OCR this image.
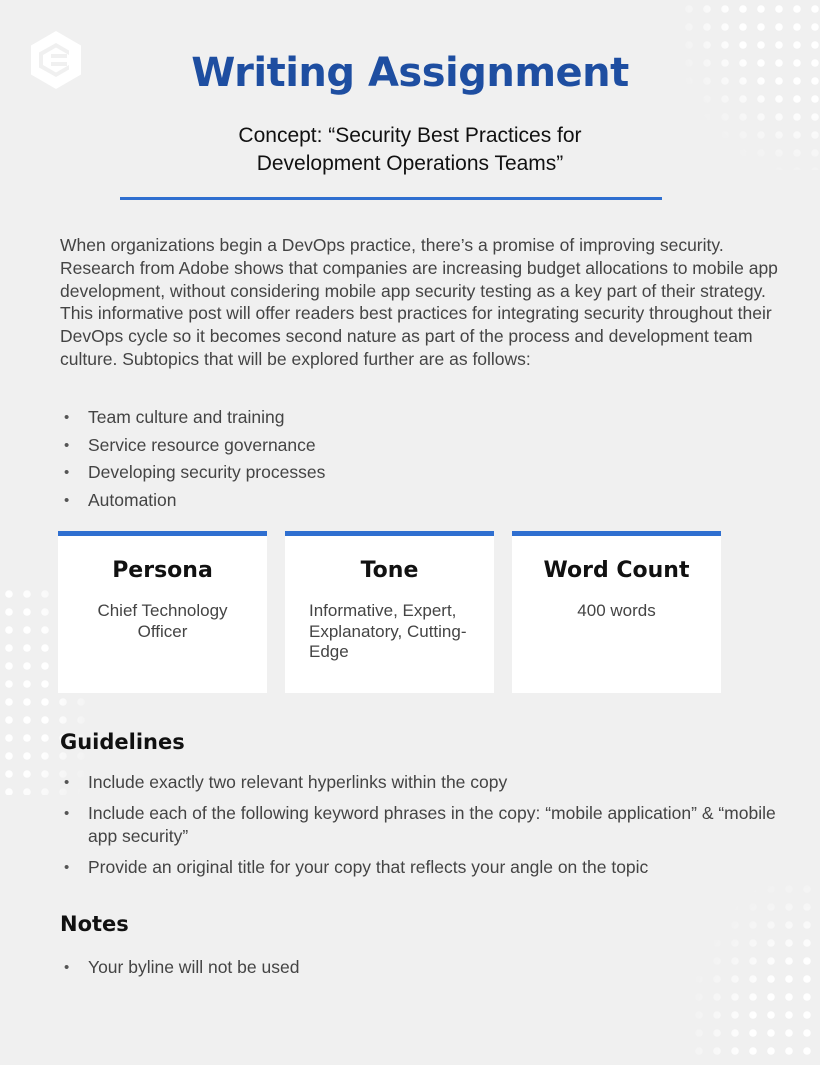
Writing Assignment

Concept: “Security Best Practices for
Development Operations Teams”

When organizations begin a DevOps practice, there’s a promise of improving security. Research from Adobe shows that companies are increasing budget allocations to mobile app development, without considering mobile app security testing as a key part of their strategy. This informative post will offer readers best practices for integrating security throughout their DevOps cycle so it becomes second nature as part of the process and development team culture. Subtopics that will be explored further are as follows:

• Team culture and training
• Service resource governance
• Developing security processes
• Automation
Persona

Chief Technology Officer

Tone

Informative, Expert, Explanatory, Cutting-Edge

Word Count

400 words

Guidelines
• Include exactly two relevant hyperlinks within the copy
• Include each of the following keyword phrases in the copy: “mobile application” & “mobile app security”
• Provide an original title for your copy that reflects your angle on the topic
Notes
• Your byline will not be used
